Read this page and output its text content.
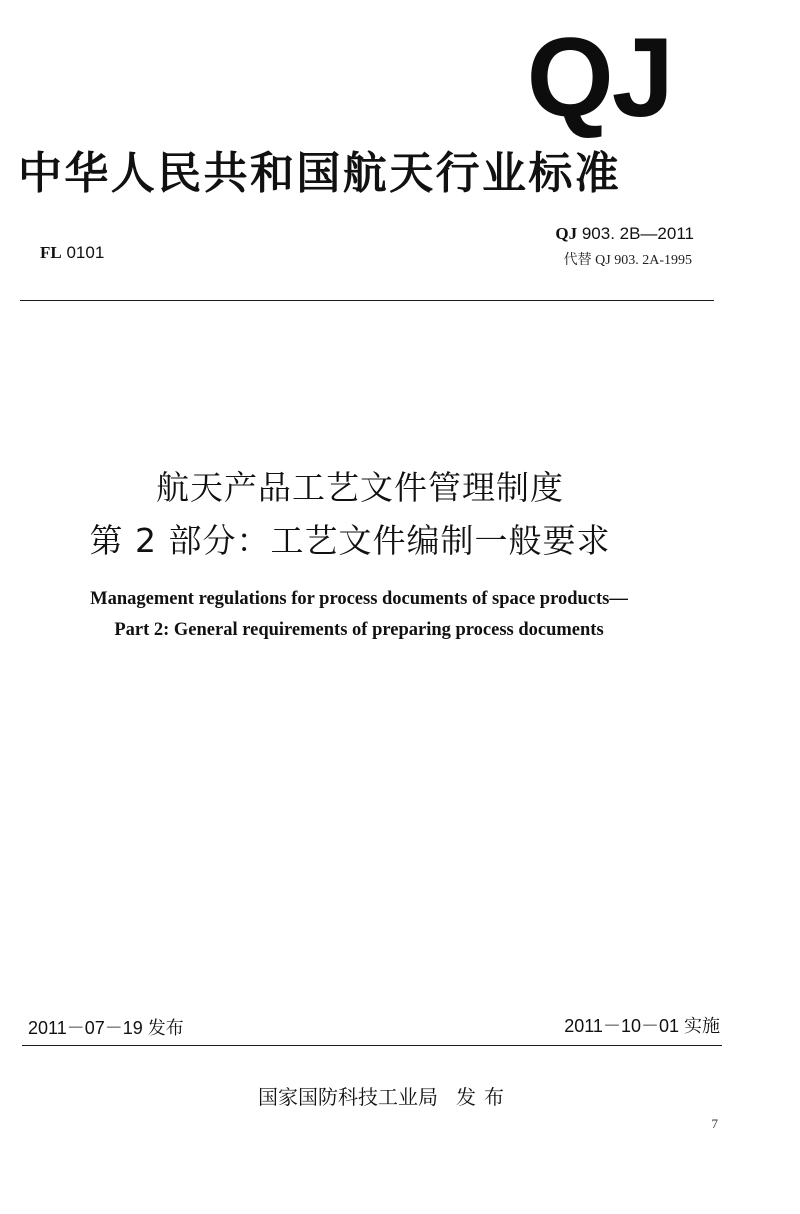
QJ
中华人民共和国航天行业标准
FL 0101
QJ 903. 2B—2011
代替 QJ 903. 2A-1995
航天产品工艺文件管理制度
第 2 部分：工艺文件编制一般要求
Management regulations for process documents of space products—
Part 2: General requirements of preparing process documents
2011－07－19 发布	2011－10－01 实施
国家国防科技工业局 发布
7
